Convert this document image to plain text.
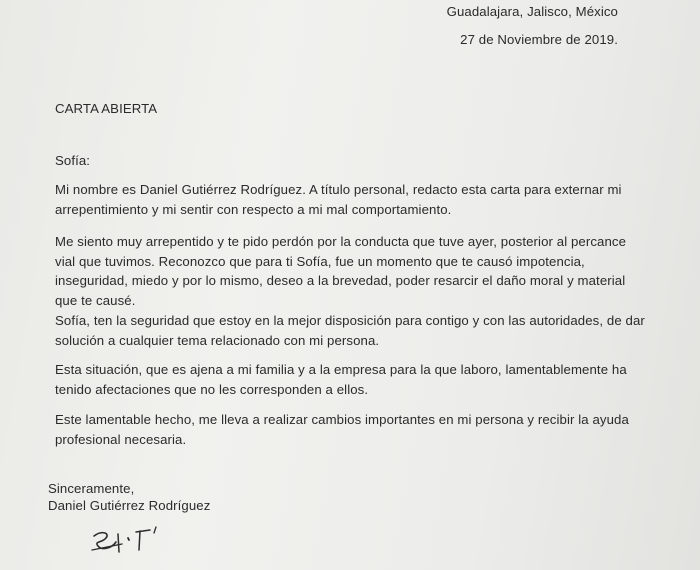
Guadalajara, Jalisco, México
27 de Noviembre de 2019.
CARTA ABIERTA
Sofía:

Mi nombre es Daniel Gutiérrez Rodríguez. A título personal, redacto esta carta para externar mi arrepentimiento y mi sentir con respecto a mi mal comportamiento.

Me siento muy arrepentido y te pido perdón por la conducta que tuve ayer, posterior al percance vial que tuvimos. Reconozco que para ti Sofía, fue un momento que te causó impotencia, inseguridad, miedo y por lo mismo, deseo a la brevedad, poder resarcir el daño moral y material que te causé.

Sofía, ten la seguridad que estoy en la mejor disposición para contigo y con las autoridades, de dar solución a cualquier tema relacionado con mi persona.

Esta situación, que es ajena a mi familia y a la empresa para la que laboro, lamentablemente ha tenido afectaciones que no les corresponden a ellos.

Este lamentable hecho, me lleva a realizar cambios importantes en mi persona y recibir la ayuda profesional necesaria.

Sinceramente,
Daniel Gutiérrez Rodríguez
